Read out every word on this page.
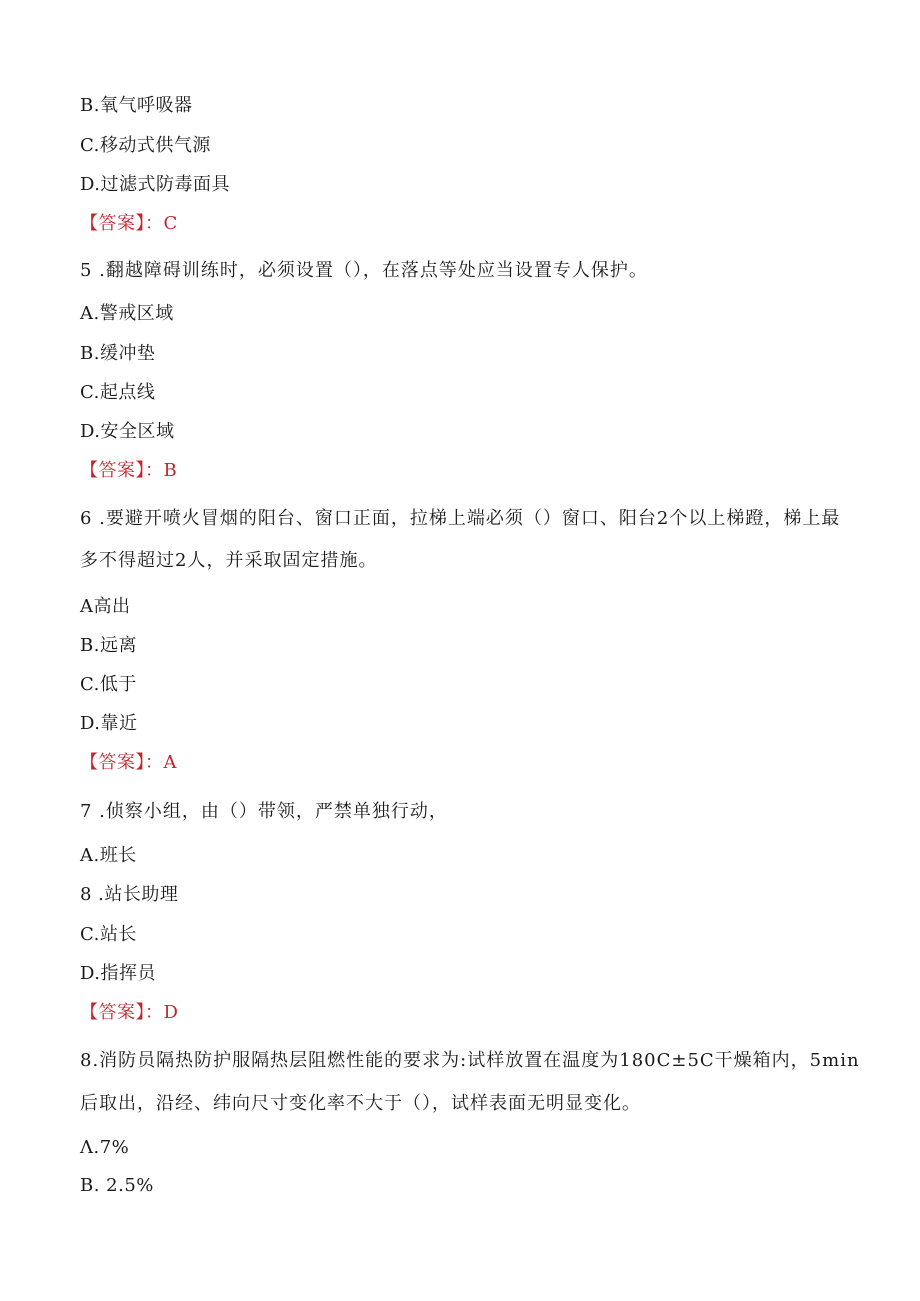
B.氧气呼吸器
C.移动式供气源
D.过滤式防毒面具
【答案】：C
5 .翻越障碍训练时，必须设置（），在落点等处应当设置专人保护。
A.警戒区域
B.缓冲垫
C.起点线
D.安全区域
【答案】：B
6 .要避开喷火冒烟的阳台、窗口正面，拉梯上端必须（）窗口、阳台2个以上梯蹬，梯上最
多不得超过2人，并采取固定措施。
A高出
B.远离
C.低于
D.靠近
【答案】：A
7 .侦察小组，由（）带领，严禁单独行动，
A.班长
8 .站长助理
C.站长
D.指挥员
【答案】：D
8.消防员隔热防护服隔热层阻燃性能的要求为:试样放置在温度为180C±5C干燥箱内，5min
后取出，沿经、纬向尺寸变化率不大于（），试样表面无明显变化。
Λ.7%
B. 2.5%
